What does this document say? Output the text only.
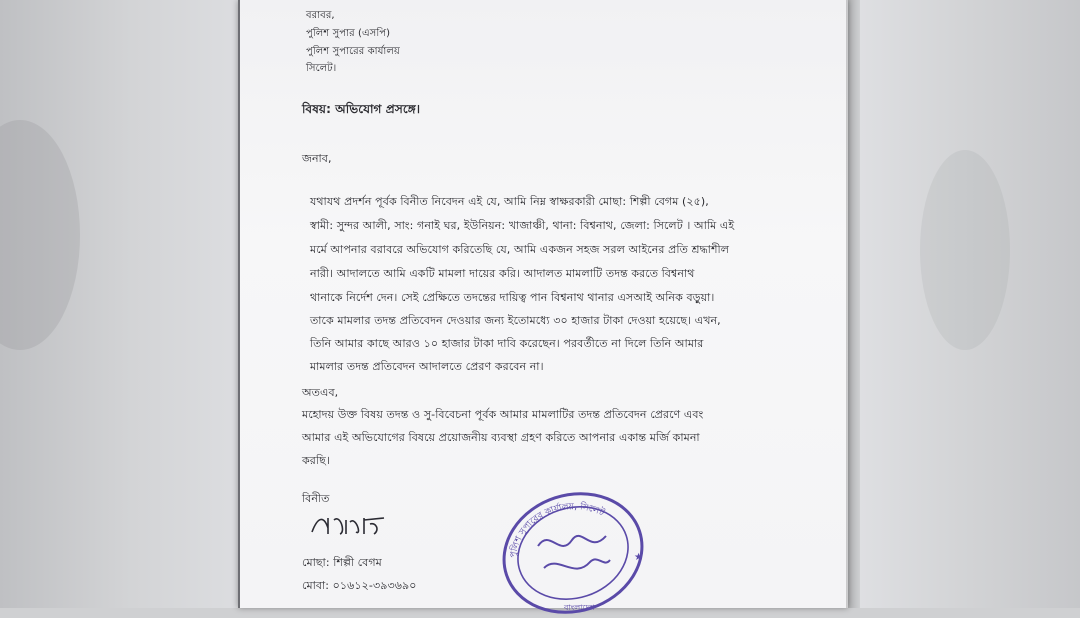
বরাবর,
পুলিশ সুপার (এসপি)
পুলিশ সুপারের কার্যালয়
সিলেট।
বিষয়: অভিযোগ প্রসঙ্গে।
জনাব,
যথাযথ প্রদর্শন পূর্বক বিনীত নিবেদন এই যে, আমি নিম্ন স্বাক্ষরকারী মোছা: শিল্পী বেগম (২৫),
স্বামী: সুন্দর আলী, সাং: গনাই ঘর, ইউনিয়ন: খাজাঞ্চী, থানা: বিশ্বনাথ, জেলা: সিলেট । আমি এই
মর্মে আপনার বরাবরে অভিযোগ করিতেছি যে, আমি একজন সহজ সরল আইনের প্রতি শ্রদ্ধাশীল
নারী। আদালতে আমি একটি মামলা দায়ের করি। আদালত মামলাটি তদন্ত করতে বিশ্বনাথ
থানাকে নির্দেশ দেন। সেই প্রেক্ষিতে তদন্তের দায়িত্ব পান বিশ্বনাথ থানার এসআই অনিক বড়ুয়া।
তাকে মামলার তদন্ত প্রতিবেদন দেওয়ার জন্য ইতোমধ্যে ৩০ হাজার টাকা দেওয়া হয়েছে। এখন,
তিনি আমার কাছে আরও ১০ হাজার টাকা দাবি করেছেন। পরবর্তীতে না দিলে তিনি আমার
মামলার তদন্ত প্রতিবেদন আদালতে প্রেরণ করবেন না।
অতএব,
মহোদয় উক্ত বিষয় তদন্ত ও সু-বিবেচনা পূর্বক আমার মামলাটির তদন্ত প্রতিবেদন প্রেরণে এবং
আমার এই অভিযোগের বিষয়ে প্রয়োজনীয় ব্যবস্থা গ্রহণ করিতে আপনার একান্ত মর্জি কামনা
করছি।
বিনীত
মোছা: শিল্পী বেগম
মোবা: ০১৬১২-৩৯৩৬৯০
পুলিশ সুপারের কার্যালয়, সিলেট
বাংলাদেশ
★
